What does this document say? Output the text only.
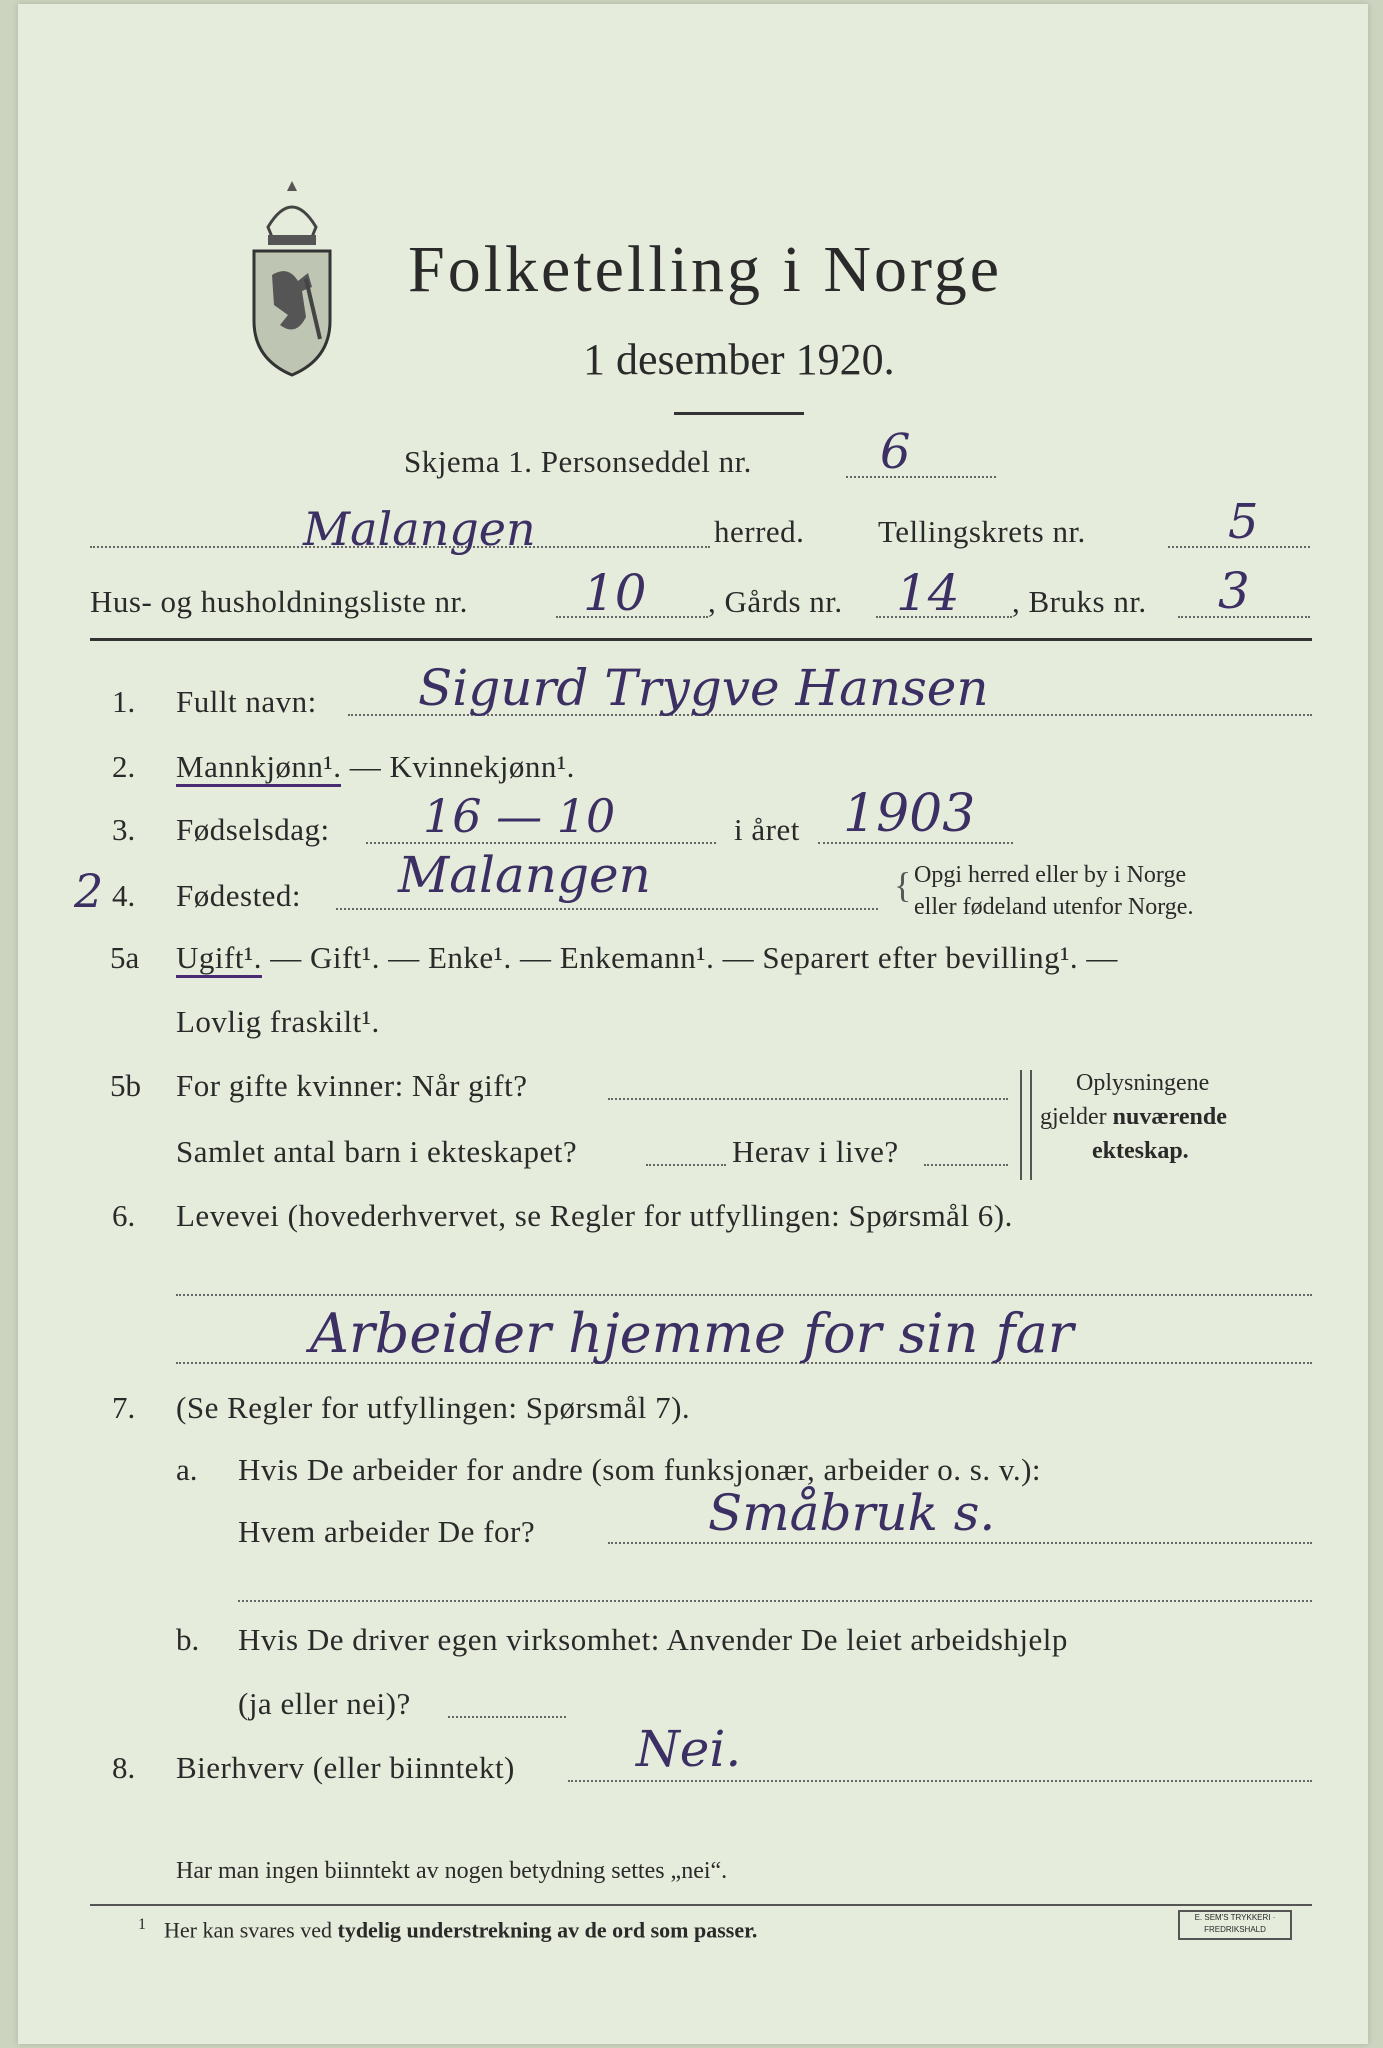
Folketelling i Norge
1 desember 1920.
Skjema 1. Personseddel nr.	6
Malangen	herred. Tellingskrets nr.	5
Hus- og husholdningsliste nr. 10 , Gårds nr. 14 , Bruks nr. 3
1. Fullt navn: Sigurd Trygve Hansen
2. Mannkjønn¹. — Kvinnekjønn¹.
3. Fødselsdag: 16 — 10	i året 1903
2 4. Fødested: Malangen	{ Opgi herred eller by i Norge
eller fødeland utenfor Norge.
5a Ugift¹. — Gift¹. — Enke¹. — Enkemann¹. — Separert efter bevilling¹. —
Lovlig fraskilt¹.
5b For gifte kvinner: Når gift?
Samlet antal barn i ekteskapet?	Herav i live?
Oplysningene
gjelder nuværende
ekteskap.
6. Levevei (hovederhvervet, se Regler for utfyllingen: Spørsmål 6).
Arbeider hjemme for sin far
7. (Se Regler for utfyllingen: Spørsmål 7).
a. Hvis De arbeider for andre (som funksjonær, arbeider o. s. v.):
Hvem arbeider De for?	Småbruk s.
b. Hvis De driver egen virksomhet: Anvender De leiet arbeidshjelp
(ja eller nei)?
8. Bierhverv (eller biinntekt) Nei.
Har man ingen biinntekt av nogen betydning settes „nei“.
$^1$ Her kan svares ved tydelig understrekning av de ord som passer.	E. SEM'S TRYKKERI · FREDRIKSHALD
